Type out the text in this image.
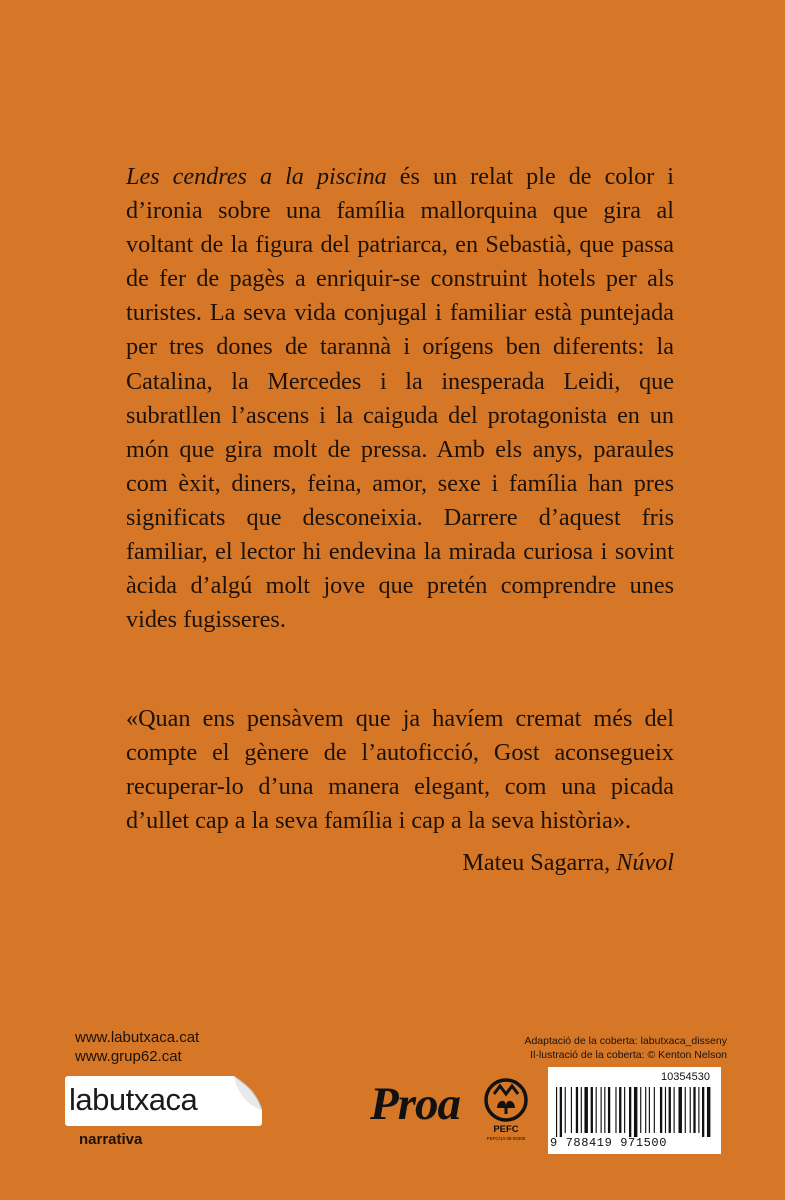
Les cendres a la piscina és un relat ple de color i d’ironia sobre una família mallorquina que gira al voltant de la figura del patriarca, en Sebastià, que passa de fer de pagès a enriquir-se construint hotels per als turistes. La seva vida conjugal i familiar està puntejada per tres dones de tarannà i orígens ben diferents: la Catalina, la Mercedes i la inesperada Leidi, que subratllen l’ascens i la caiguda del protagonista en un món que gira molt de pressa. Amb els anys, paraules com èxit, diners, feina, amor, sexe i família han pres significats que desconeixia. Darrere d’aquest fris familiar, el lector hi endevina la mirada curiosa i sovint àcida d’algú molt jove que pretén comprendre unes vides fugisseres.

«Quan ens pensàvem que ja havíem cremat més del compte el gènere de l’autoficció, Gost aconsegueix recuperar-lo d’una manera elegant, com una picada d’ullet cap a la seva família i cap a la seva història».

Mateu Sagarra, Núvol

www.labutxaca.cat
www.grup62.cat
labutxaca
narrativa
Proa	PEFC
PEFC/14-38-00305
Adaptació de la coberta: labutxaca_disseny
Il·lustració de la coberta: © Kenton Nelson
10354530
9 788419 971500
